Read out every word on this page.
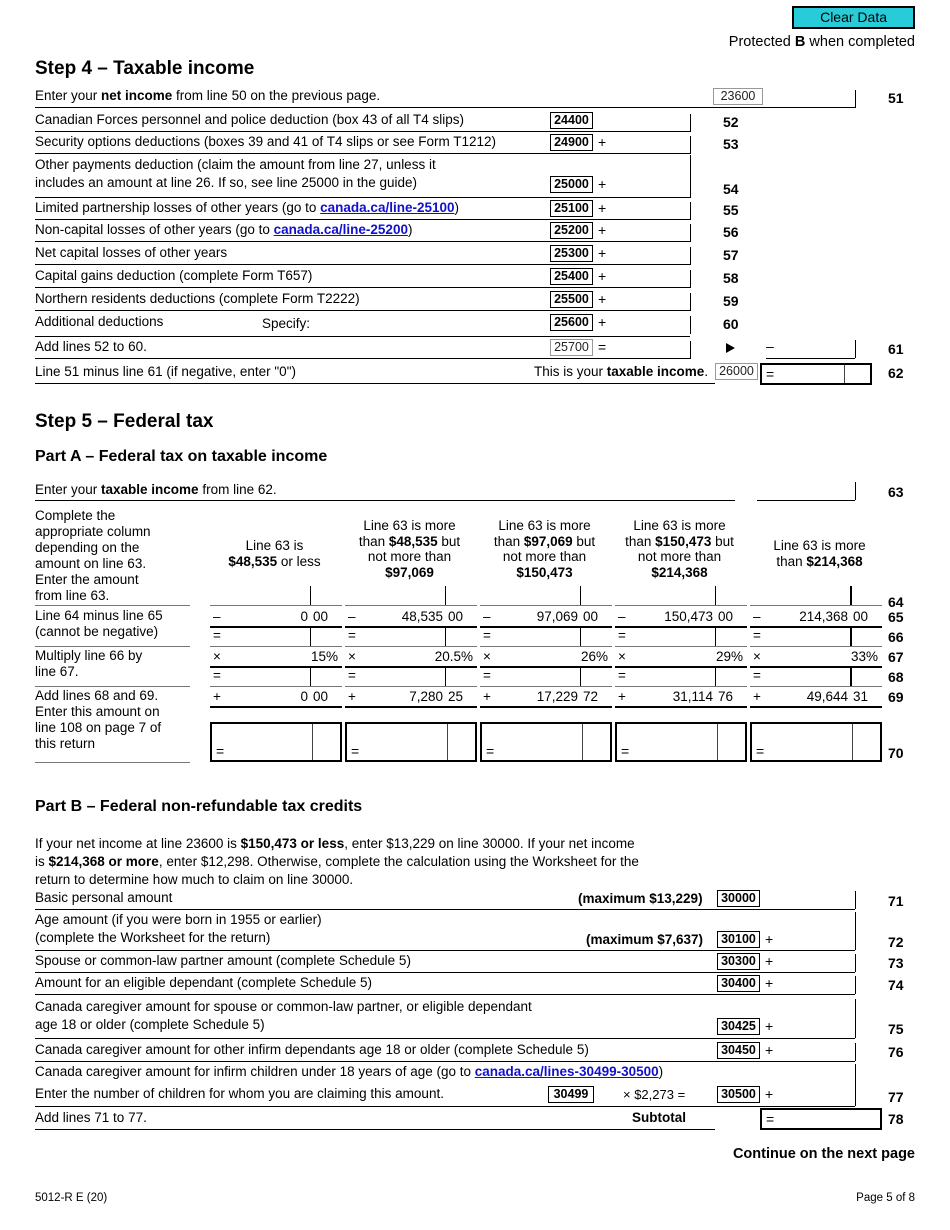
Clear Data
Protected B when completed
Step 4 – Taxable income
Enter your net income from line 50 on the previous page.	23600	51
Canadian Forces personnel and police deduction (box 43 of all T4 slips)	24400	52
Security options deductions (boxes 39 and 41 of T4 slips or see Form T1212)	24900 +	53
Other payments deduction (claim the amount from line 27, unless it
includes an amount at line 26. If so, see line 25000 in the guide)	25000 +	54
Limited partnership losses of other years (go to canada.ca/line-25100)	25100 +	55
Non-capital losses of other years (go to canada.ca/line-25200)	25200 +	56
Net capital losses of other years	25300 +	57
Capital gains deduction (complete Form T657)	25400 +	58
Northern residents deductions (complete Form T2222)	25500 +	59
Additional deductions	Specify:	25600 +	60
Add lines 52 to 60.	25700 =	–	61
Line 51 minus line 61 (if negative, enter "0")	This is your taxable income. 26000 =	62
Step 5 – Federal tax
Part A – Federal tax on taxable income
Enter your taxable income from line 62.	63
Complete the
appropriate column
depending on the
amount on line 63.
Enter the amount
from line 63.
Line 63 is
$48,535 or less
Line 63 is more
than $48,535 but
not more than
$97,069
Line 63 is more
than $97,069 but
not more than
$150,473
Line 63 is more
than $150,473 but
not more than
$214,368
Line 63 is more
than $214,368
64
Line 64 minus line 65
(cannot be negative)
–	0 00	–	48,535 00	–	97,069 00	–	150,473 00	–	214,368 00	65
=	=	=	=	=	66
Multiply line 66 by
line 67.
×	15% ×	20.5% ×	26% ×	29% ×	33% 67
=	=	=	=	=	68
Add lines 68 and 69.
Enter this amount on
line 108 on page 7 of
this return
+	0 00	+	7,280 25	+	17,229 72	+	31,114 76	+	49,644 31	69
=	=	=	=	=	70
Part B – Federal non-refundable tax credits
If your net income at line 23600 is $150,473 or less, enter $13,229 on line 30000. If your net income
is $214,368 or more, enter $12,298. Otherwise, complete the calculation using the Worksheet for the
return to determine how much to claim on line 30000.
Basic personal amount	(maximum $13,229)	30000	71
Age amount (if you were born in 1955 or earlier)
(complete the Worksheet for the return)	(maximum $7,637)	30100 +	72
Spouse or common-law partner amount (complete Schedule 5)	30300 +	73
Amount for an eligible dependant (complete Schedule 5)	30400 +	74
Canada caregiver amount for spouse or common-law partner, or eligible dependant
age 18 or older (complete Schedule 5)	30425 +	75
Canada caregiver amount for other infirm dependants age 18 or older (complete Schedule 5)	30450 +	76
Canada caregiver amount for infirm children under 18 years of age (go to canada.ca/lines-30499-30500)
Enter the number of children for whom you are claiming this amount.	30499	× $2,273 =	30500 +	77
Add lines 71 to 77.	Subtotal	=	78
Continue on the next page
5012-R E (20)	Page 5 of 8
